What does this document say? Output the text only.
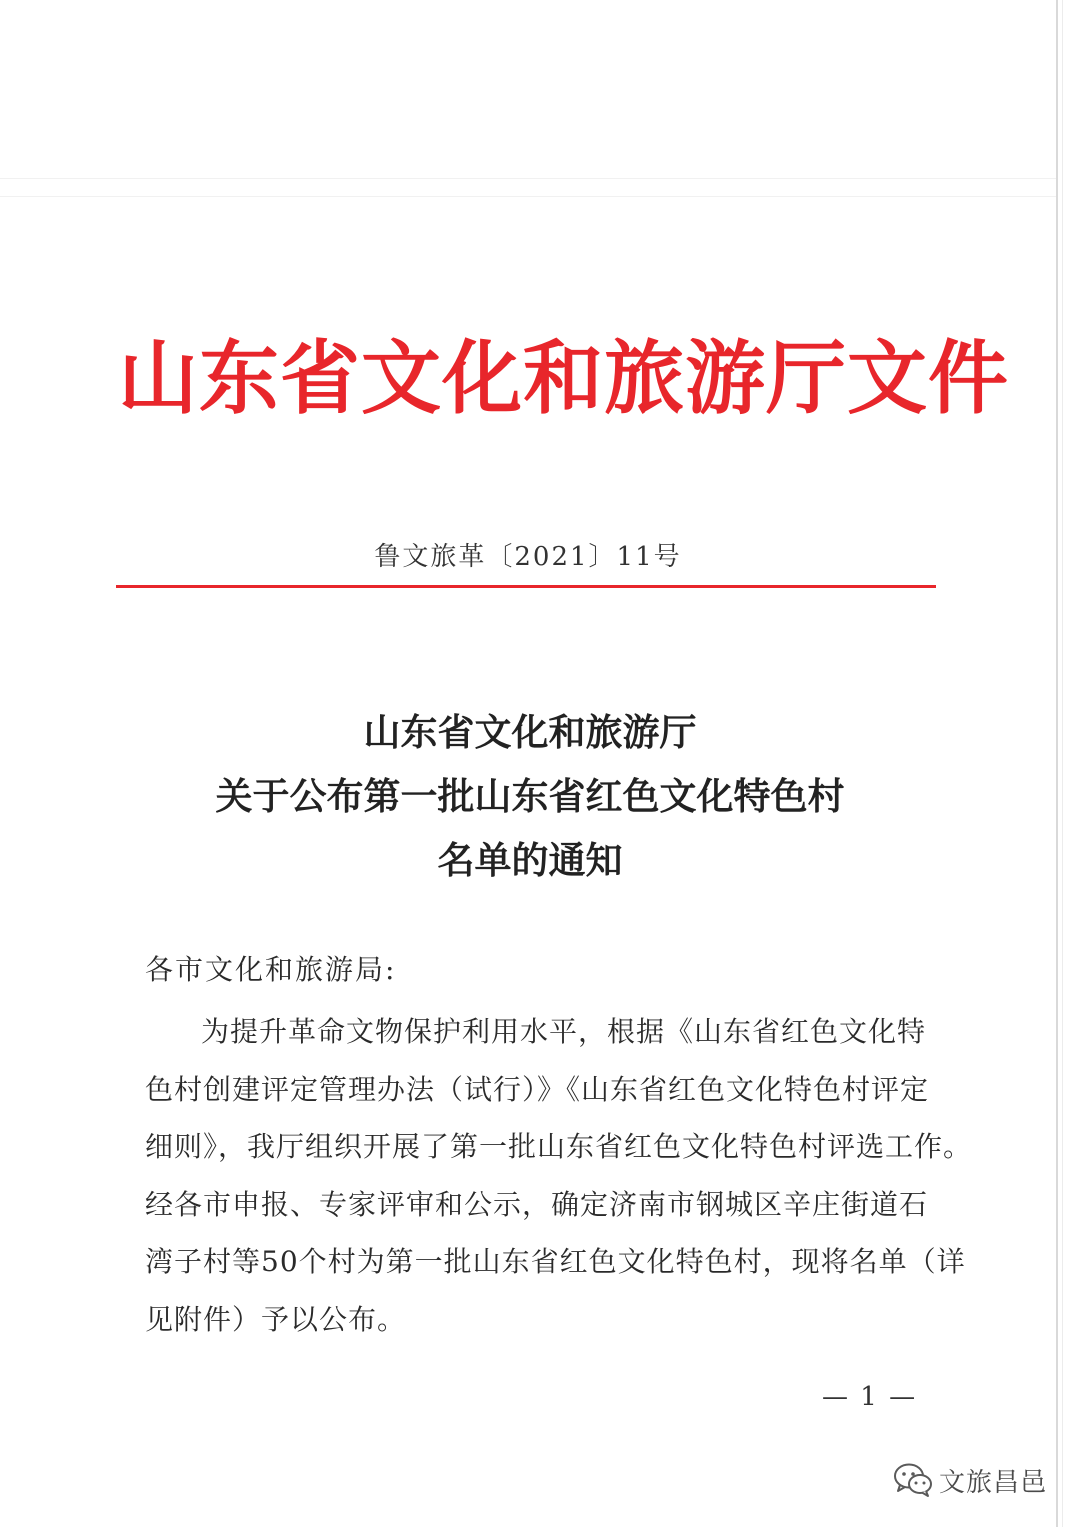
山东省文化和旅游厅文件
鲁文旅革〔2021〕11号
山东省文化和旅游厅
关于公布第一批山东省红色文化特色村
名单的通知
各市文化和旅游局:
为提升革命文物保护利用水平，根据《山东省红色文化特
色村创建评定管理办法（试行）》《山东省红色文化特色村评定
细则》，我厅组织开展了第一批山东省红色文化特色村评选工作。
经各市申报、专家评审和公示，确定济南市钢城区辛庄街道石
湾子村等50个村为第一批山东省红色文化特色村，现将名单（详
见附件）予以公布。
— 1 —
文旅昌邑
